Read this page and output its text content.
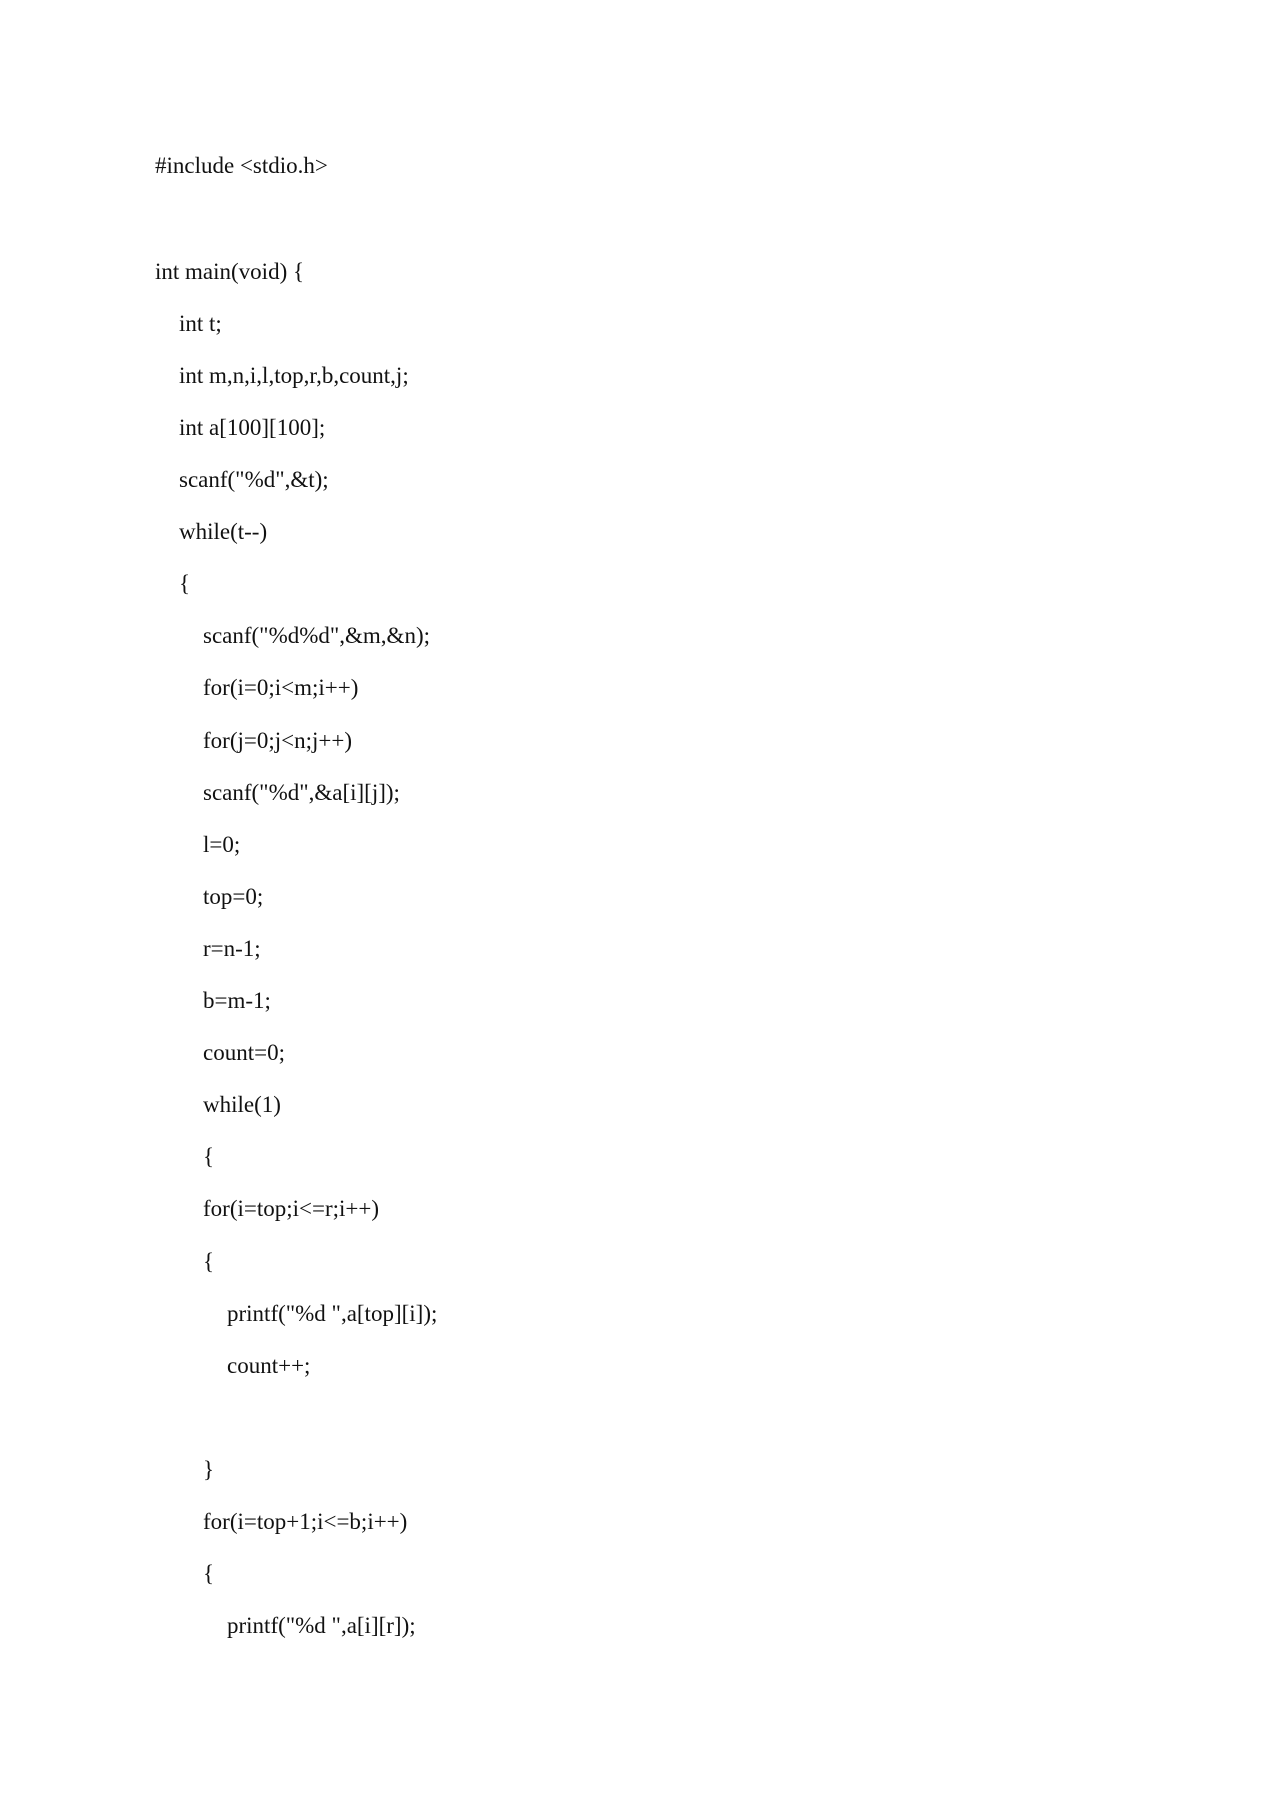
#include <stdio.h>

int main(void) {

int t;

int m,n,i,l,top,r,b,count,j;

int a[100][100];

scanf("%d",&t);

while(t--)

{

scanf("%d%d",&m,&n);

for(i=0;i<m;i++)

for(j=0;j<n;j++)

scanf("%d",&a[i][j]);

l=0;

top=0;

r=n-1;

b=m-1;

count=0;

while(1)

{

for(i=top;i<=r;i++)

{

printf("%d ",a[top][i]);

count++;

}

for(i=top+1;i<=b;i++)

{

printf("%d ",a[i][r]);
